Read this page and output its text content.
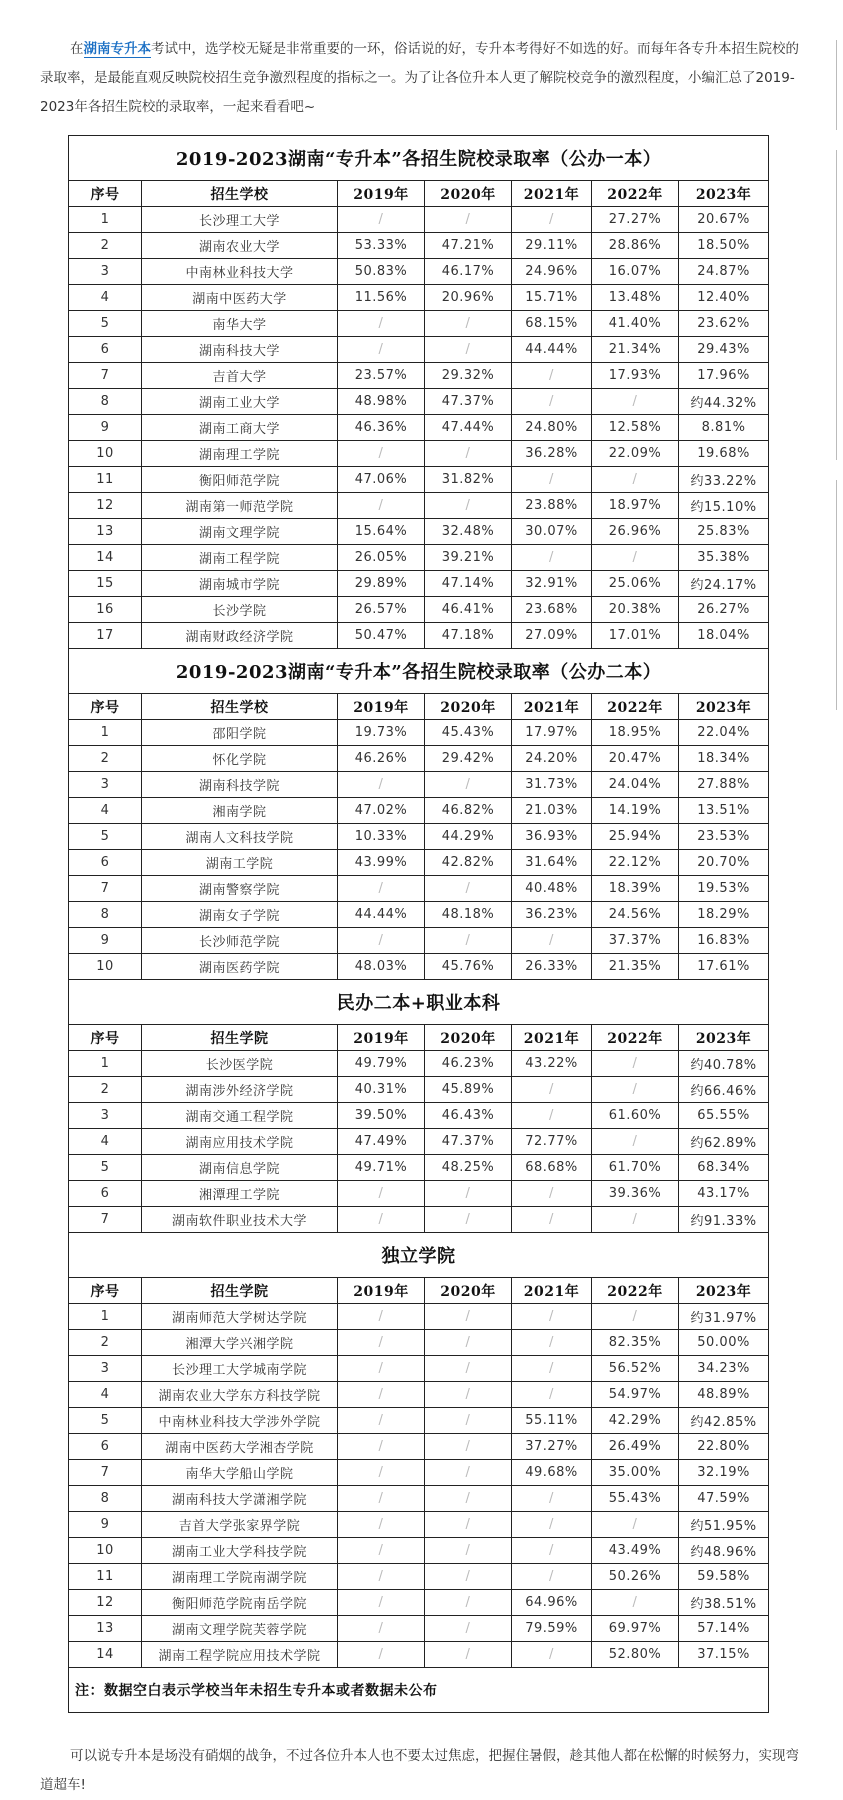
在湖南专升本考试中，选学校无疑是非常重要的一环，俗话说的好，专升本考得好不如选的好。而每年各专升本招生院校的录取率，是最能直观反映院校招生竞争激烈程度的指标之一。为了让各位升本人更了解院校竞争的激烈程度，小编汇总了2019-2023年各招生院校的录取率，一起来看看吧~

2019-2023湖南“专升本”各招生院校录取率（公办一本）						
序号	招生学校	2019年	2020年	2021年	2022年	2023年
1	长沙理工大学	/	/	/	27.27%	20.67%
2	湖南农业大学	53.33%	47.21%	29.11%	28.86%	18.50%
3	中南林业科技大学	50.83%	46.17%	24.96%	16.07%	24.87%
4	湖南中医药大学	11.56%	20.96%	15.71%	13.48%	12.40%
5	南华大学	/	/	68.15%	41.40%	23.62%
6	湖南科技大学	/	/	44.44%	21.34%	29.43%
7	吉首大学	23.57%	29.32%	/	17.93%	17.96%
8	湖南工业大学	48.98%	47.37%	/	/	约44.32%
9	湖南工商大学	46.36%	47.44%	24.80%	12.58%	8.81%
10	湖南理工学院	/	/	36.28%	22.09%	19.68%
11	衡阳师范学院	47.06%	31.82%	/	/	约33.22%
12	湖南第一师范学院	/	/	23.88%	18.97%	约15.10%
13	湖南文理学院	15.64%	32.48%	30.07%	26.96%	25.83%
14	湖南工程学院	26.05%	39.21%	/	/	35.38%
15	湖南城市学院	29.89%	47.14%	32.91%	25.06%	约24.17%
16	长沙学院	26.57%	46.41%	23.68%	20.38%	26.27%
17	湖南财政经济学院	50.47%	47.18%	27.09%	17.01%	18.04%
2019-2023湖南“专升本”各招生院校录取率（公办二本）						
序号	招生学校	2019年	2020年	2021年	2022年	2023年
1	邵阳学院	19.73%	45.43%	17.97%	18.95%	22.04%
2	怀化学院	46.26%	29.42%	24.20%	20.47%	18.34%
3	湖南科技学院	/	/	31.73%	24.04%	27.88%
4	湘南学院	47.02%	46.82%	21.03%	14.19%	13.51%
5	湖南人文科技学院	10.33%	44.29%	36.93%	25.94%	23.53%
6	湖南工学院	43.99%	42.82%	31.64%	22.12%	20.70%
7	湖南警察学院	/	/	40.48%	18.39%	19.53%
8	湖南女子学院	44.44%	48.18%	36.23%	24.56%	18.29%
9	长沙师范学院	/	/	/	37.37%	16.83%
10	湖南医药学院	48.03%	45.76%	26.33%	21.35%	17.61%
民办二本+职业本科						
序号	招生学院	2019年	2020年	2021年	2022年	2023年
1	长沙医学院	49.79%	46.23%	43.22%	/	约40.78%
2	湖南涉外经济学院	40.31%	45.89%	/	/	约66.46%
3	湖南交通工程学院	39.50%	46.43%	/	61.60%	65.55%
4	湖南应用技术学院	47.49%	47.37%	72.77%	/	约62.89%
5	湖南信息学院	49.71%	48.25%	68.68%	61.70%	68.34%
6	湘潭理工学院	/	/	/	39.36%	43.17%
7	湖南软件职业技术大学	/	/	/	/	约91.33%
独立学院						
序号	招生学院	2019年	2020年	2021年	2022年	2023年
1	湖南师范大学树达学院	/	/	/	/	约31.97%
2	湘潭大学兴湘学院	/	/	/	82.35%	50.00%
3	长沙理工大学城南学院	/	/	/	56.52%	34.23%
4	湖南农业大学东方科技学院	/	/	/	54.97%	48.89%
5	中南林业科技大学涉外学院	/	/	55.11%	42.29%	约42.85%
6	湖南中医药大学湘杏学院	/	/	37.27%	26.49%	22.80%
7	南华大学船山学院	/	/	49.68%	35.00%	32.19%
8	湖南科技大学潇湘学院	/	/	/	55.43%	47.59%
9	吉首大学张家界学院	/	/	/	/	约51.95%
10	湖南工业大学科技学院	/	/	/	43.49%	约48.96%
11	湖南理工学院南湖学院	/	/	/	50.26%	59.58%
12	衡阳师范学院南岳学院	/	/	64.96%	/	约38.51%
13	湖南文理学院芙蓉学院	/	/	79.59%	69.97%	57.14%
14	湖南工程学院应用技术学院	/	/	/	52.80%	37.15%
注：数据空白表示学校当年未招生专升本或者数据未公布						

可以说专升本是场没有硝烟的战争，不过各位升本人也不要太过焦虑，把握住暑假，趁其他人都在松懈的时候努力，实现弯道超车!
